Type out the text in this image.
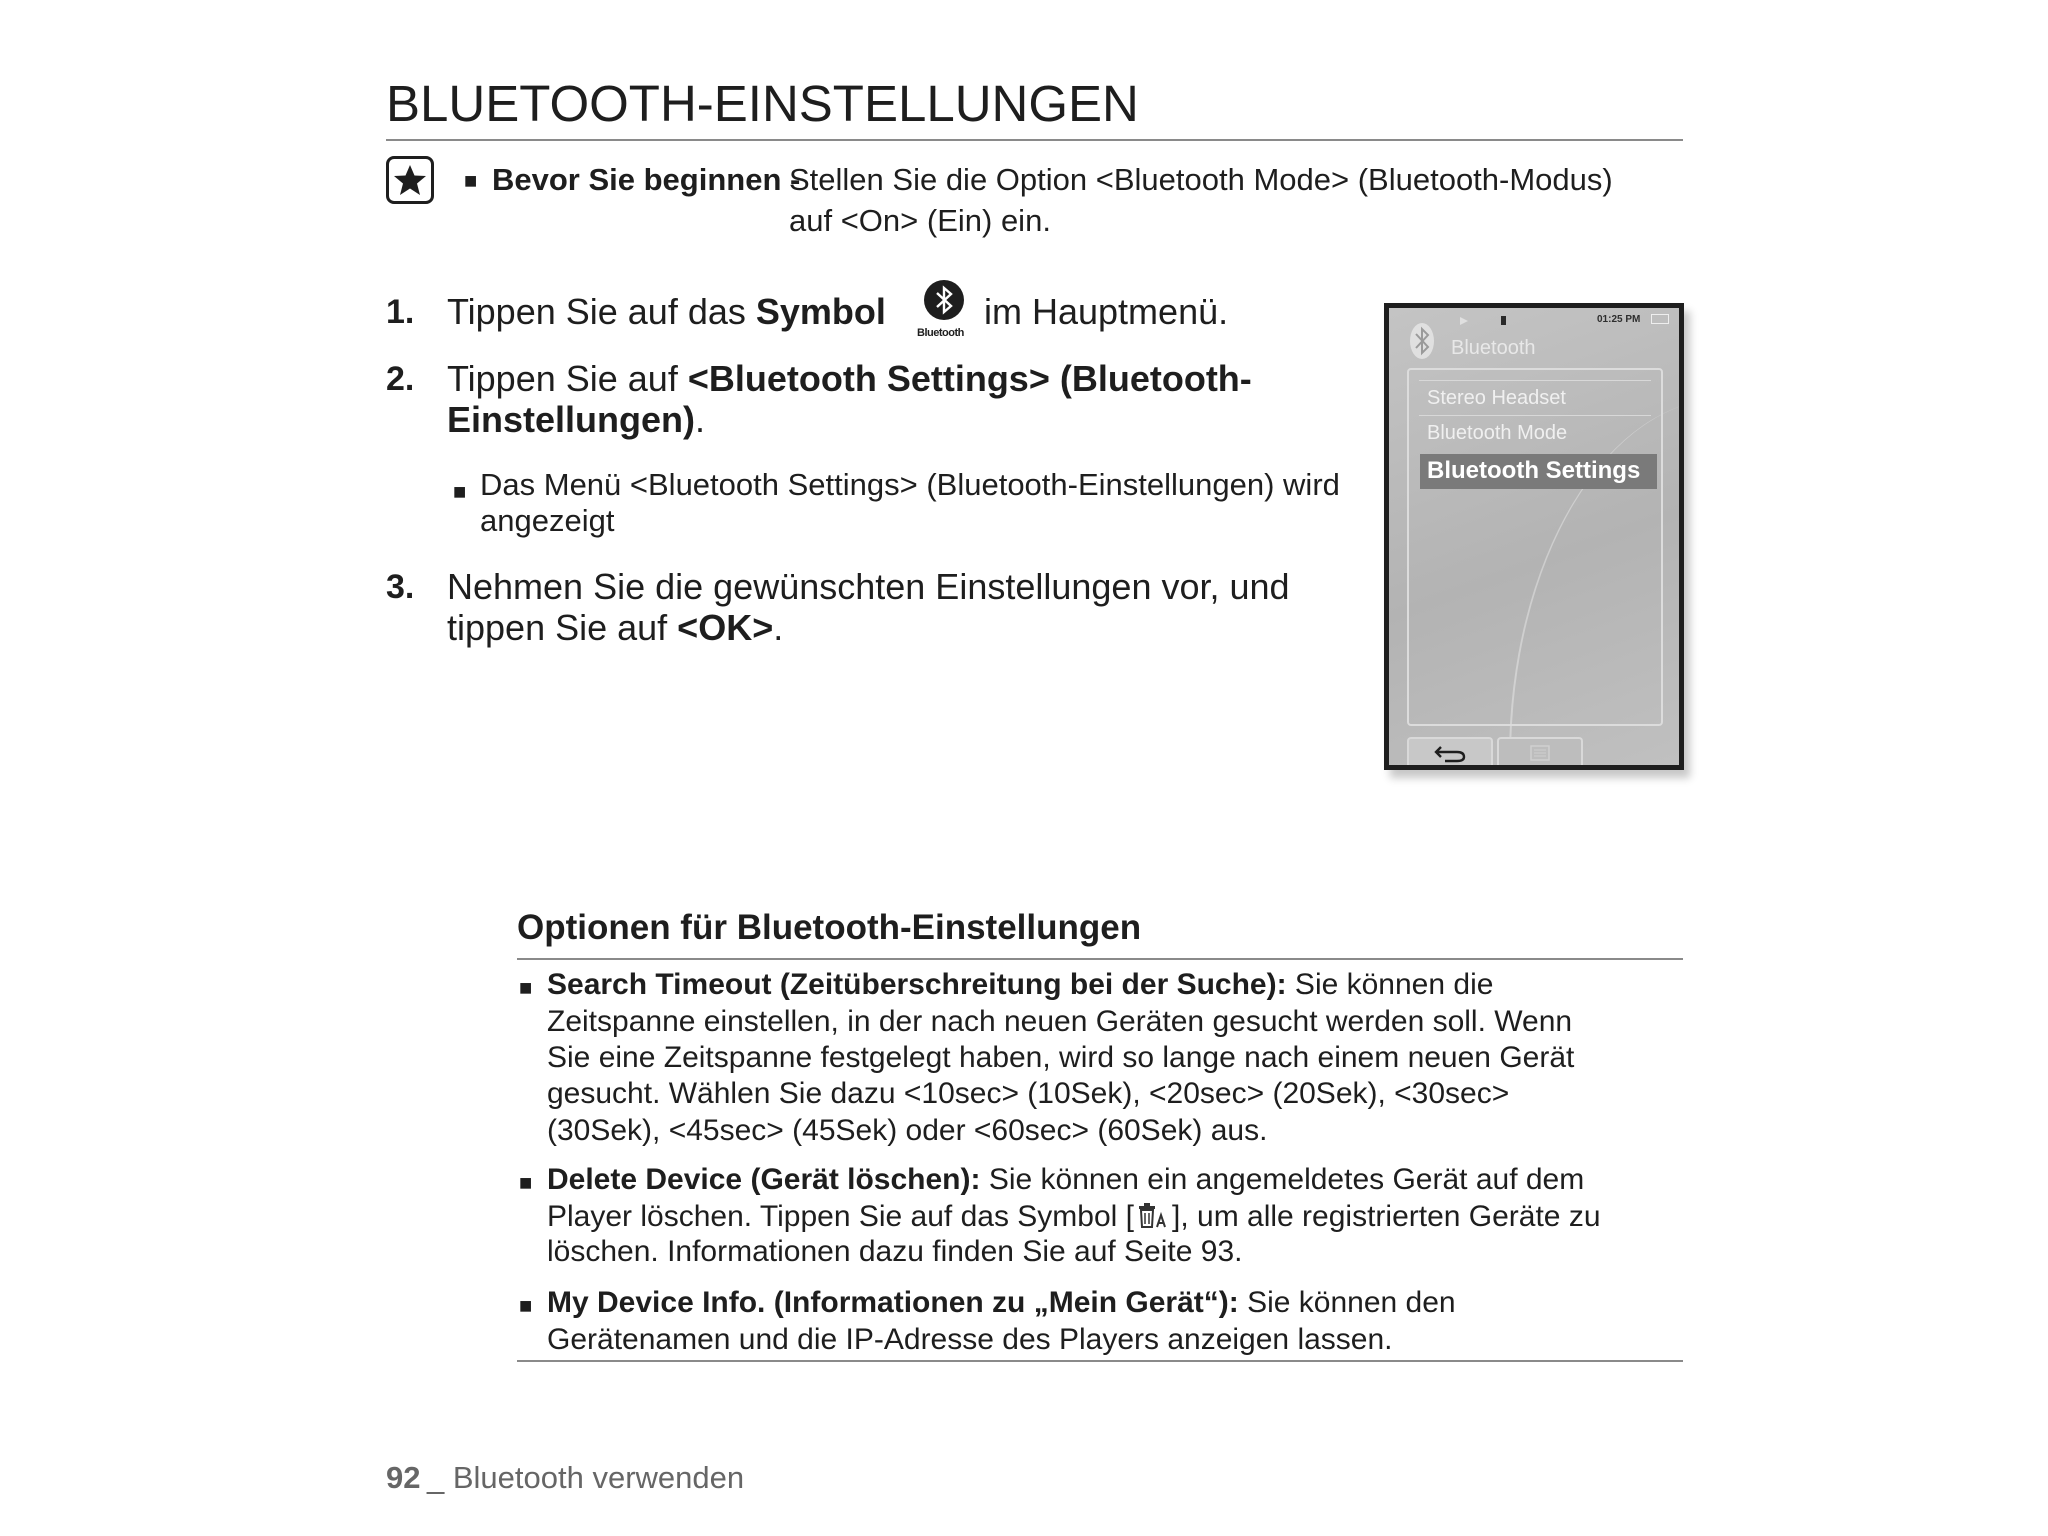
BLUETOOTH-EINSTELLUNGEN
■ Bevor Sie beginnen -
Stellen Sie die Option <Bluetooth Mode> (Bluetooth-Modus)
auf <On> (Ein) ein.
1. Tippen Sie auf das Symbol
Bluetooth
im Hauptmenü.
2. Tippen Sie auf <Bluetooth Settings> (Bluetooth-
Einstellungen).
■ Das Menü <Bluetooth Settings> (Bluetooth-Einstellungen) wird
angezeigt
3. Nehmen Sie die gewünschten Einstellungen vor, und
tippen Sie auf <OK>.
01:25 PM
Bluetooth
Stereo Headset
Bluetooth Mode
Bluetooth Settings
Optionen für Bluetooth-Einstellungen
■ Search Timeout (Zeitüberschreitung bei der Suche): Sie können die
Zeitspanne einstellen, in der nach neuen Geräten gesucht werden soll. Wenn
Sie eine Zeitspanne festgelegt haben, wird so lange nach einem neuen Gerät
gesucht. Wählen Sie dazu <10sec> (10Sek), <20sec> (20Sek), <30sec>
(30Sek), <45sec> (45Sek) oder <60sec> (60Sek) aus.
■ Delete Device (Gerät löschen): Sie können ein angemeldetes Gerät auf dem
Player löschen. Tippen Sie auf das Symbol [ ], um alle registrierten Geräte zu
löschen. Informationen dazu finden Sie auf Seite 93.
■ My Device Info. (Informationen zu „Mein Gerät“): Sie können den
Gerätenamen und die IP-Adresse des Players anzeigen lassen.
92 _ Bluetooth verwenden
